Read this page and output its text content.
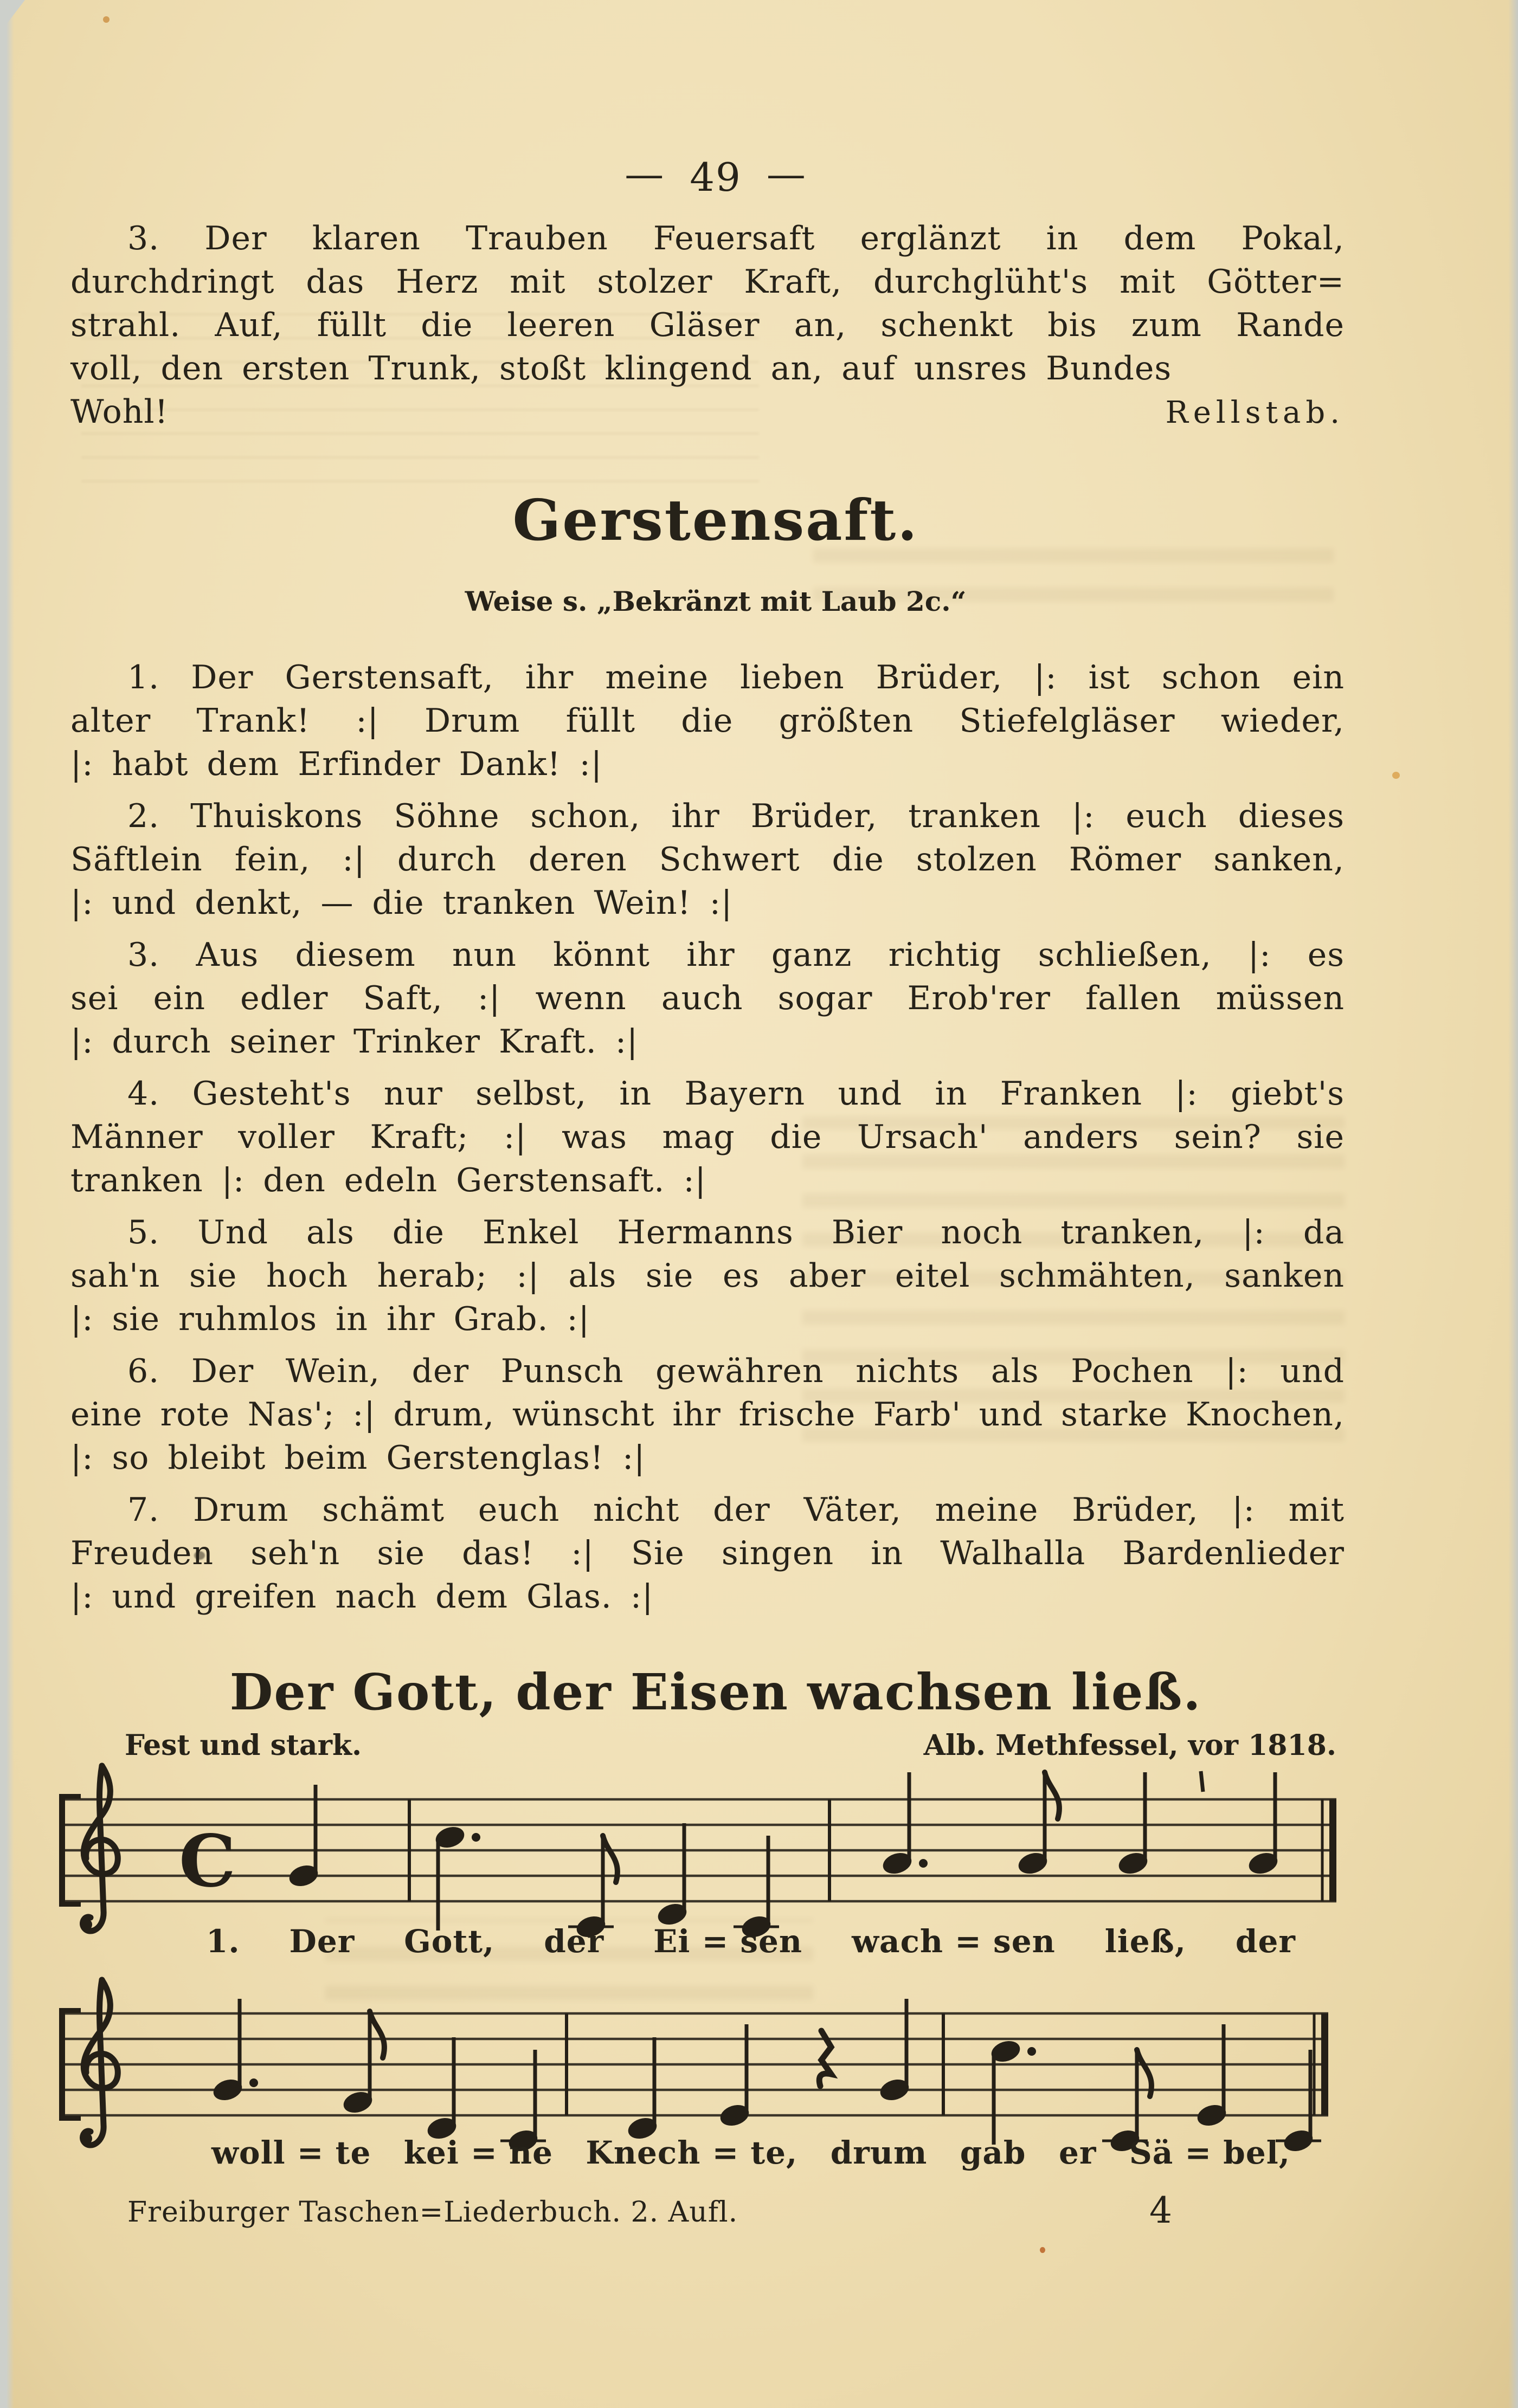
— 49 —
3. Der klaren Trauben Feuersaft erglänzt in dem Pokal,
durchdringt das Herz mit stolzer Kraft, durchglüht's mit Götter=
strahl. Auf, füllt die leeren Gläser an, schenkt bis zum Rande
voll, den ersten Trunk, stoßt klingend an, auf unsres Bundes
Wohl!	Rellstab.
Gerstensaft.
Weise s. „Bekränzt mit Laub 2c.“
1. Der Gerstensaft, ihr meine lieben Brüder, |: ist schon ein
alter Trank! :| Drum füllt die größten Stiefelgläser wieder,
|: habt dem Erfinder Dank! :|
2. Thuiskons Söhne schon, ihr Brüder, tranken |: euch dieses
Säftlein fein, :| durch deren Schwert die stolzen Römer sanken,
|: und denkt, — die tranken Wein! :|
3. Aus diesem nun könnt ihr ganz richtig schließen, |: es
sei ein edler Saft, :| wenn auch sogar Erob'rer fallen müssen
|: durch seiner Trinker Kraft. :|
4. Gesteht's nur selbst, in Bayern und in Franken |: giebt's
Männer voller Kraft; :| was mag die Ursach' anders sein? sie
tranken |: den edeln Gerstensaft. :|
5. Und als die Enkel Hermanns Bier noch tranken, |: da
sah'n sie hoch herab; :| als sie es aber eitel schmähten, sanken
|: sie ruhmlos in ihr Grab. :|
6. Der Wein, der Punsch gewähren nichts als Pochen |: und
eine rote Nas'; :| drum, wünscht ihr frische Farb' und starke Knochen,
|: so bleibt beim Gerstenglas! :|
7. Drum schämt euch nicht der Väter, meine Brüder, |: mit
Freuden seh'n sie das! :| Sie singen in Walhalla Bardenlieder
|: und greifen nach dem Glas. :|
Der Gott, der Eisen wachsen ließ.
Fest und stark.	Alb. Methfessel, vor 1818.
C
1. Der Gott, der Ei = sen wach = sen ließ, der
woll = te kei = ne Knech = te, drum gab er Sä = bel,
Freiburger Taschen=Liederbuch. 2. Aufl.	4
